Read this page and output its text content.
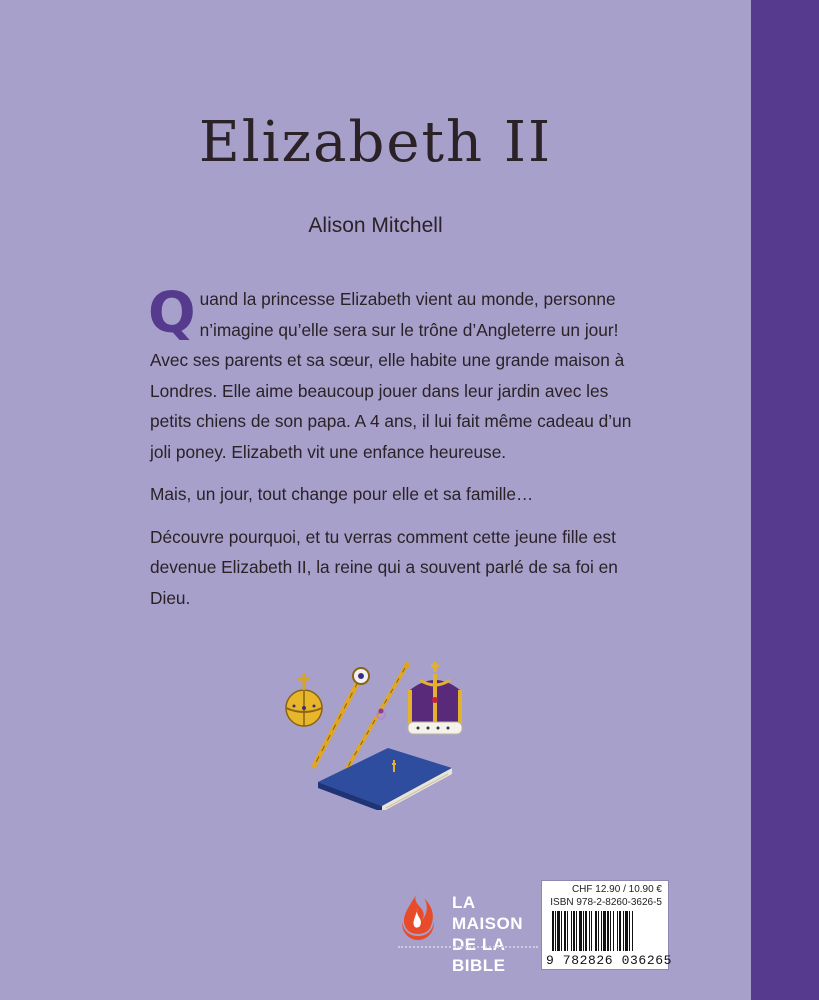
Elizabeth II

Alison Mitchell

Quand la princesse Elizabeth vient au monde, personne n’imagine qu’elle sera sur le trône d’Angleterre un jour! Avec ses parents et sa sœur, elle habite une grande maison à Londres. Elle aime beaucoup jouer dans leur jardin avec les petits chiens de son papa. A 4 ans, il lui fait même cadeau d’un joli poney. Elizabeth vit une enfance heureuse.

Mais, un jour, tout change pour elle et sa famille…

Découvre pourquoi, et tu verras comment cette jeune fille est devenue Elizabeth II, la reine qui a souvent parlé de sa foi en Dieu.

LA MAISON
DE LA BIBLE

CHF 12.90 / 10.90 €
ISBN 978-2-8260-3626-5
9 782826 036265
